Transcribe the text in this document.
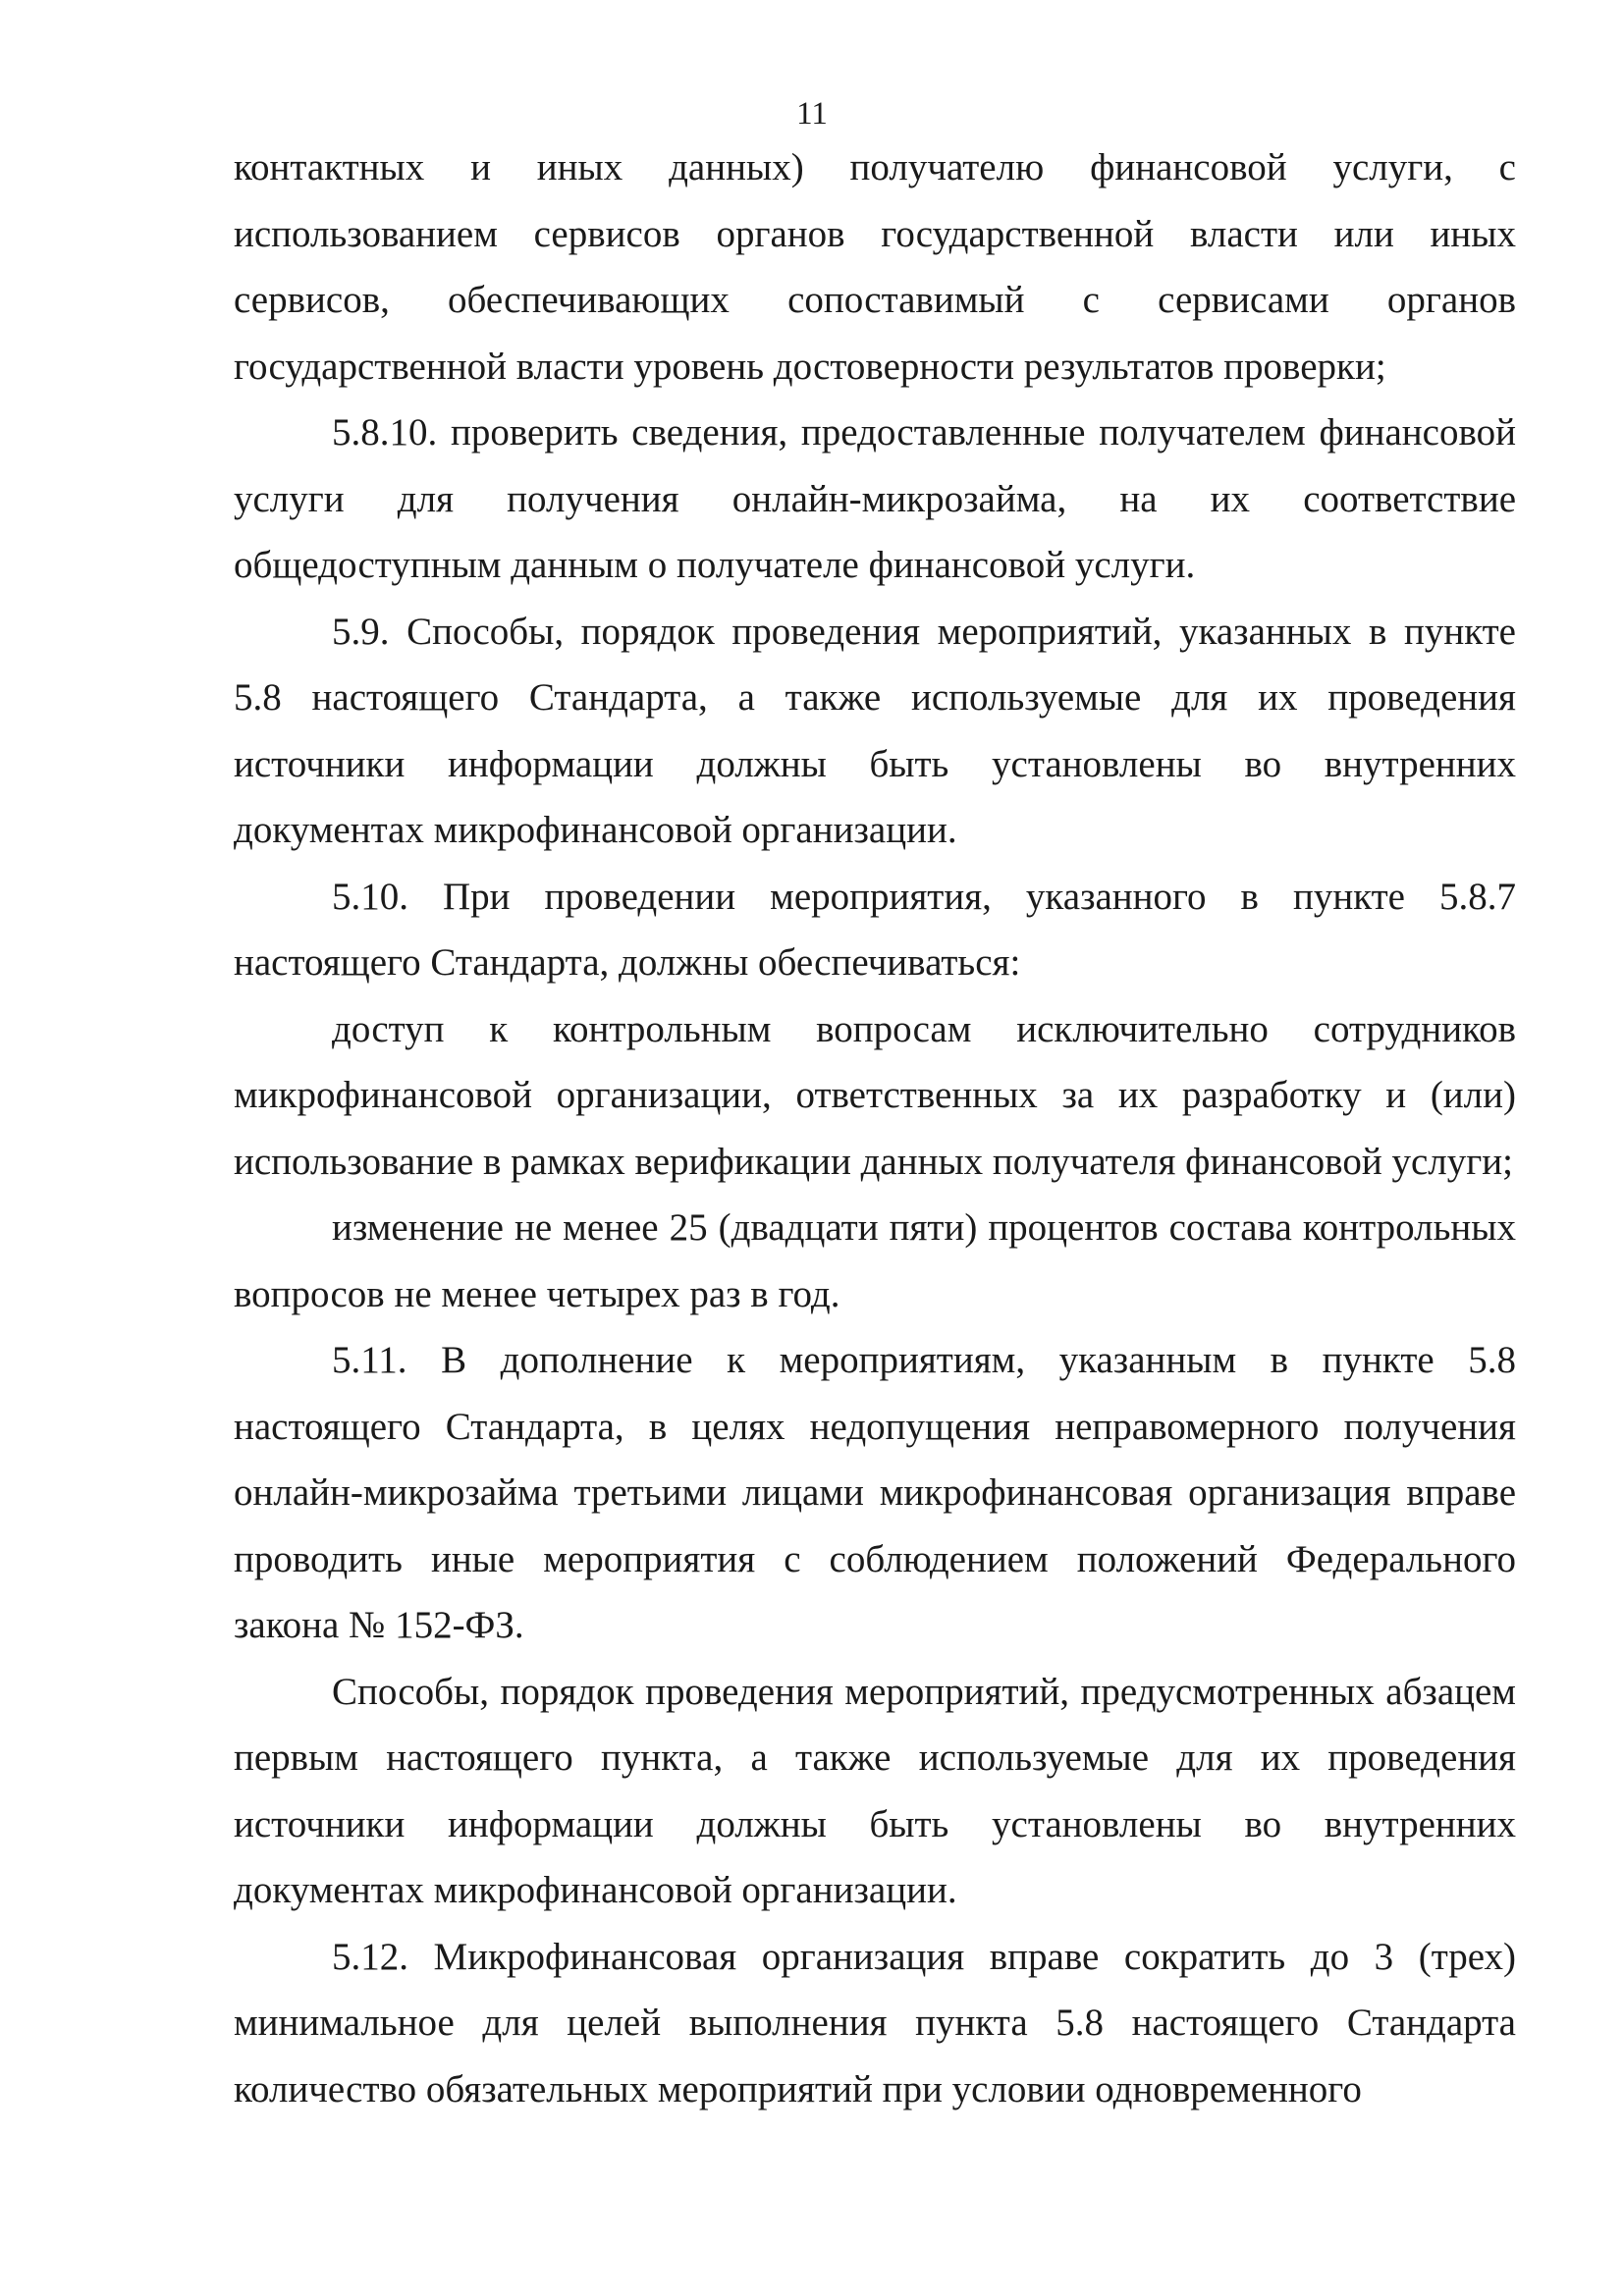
11

контактных и иных данных) получателю финансовой услуги, с использованием сервисов органов государственной власти или иных сервисов, обеспечивающих сопоставимый с сервисами органов государственной власти уровень достоверности результатов проверки;

5.8.10. проверить сведения, предоставленные получателем финансовой услуги для получения онлайн-микрозайма, на их соответствие общедоступным данным о получателе финансовой услуги.

5.9. Способы, порядок проведения мероприятий, указанных в пункте 5.8 настоящего Стандарта, а также используемые для их проведения источники информации должны быть установлены во внутренних документах микрофинансовой организации.

5.10. При проведении мероприятия, указанного в пункте 5.8.7 настоящего Стандарта, должны обеспечиваться:

доступ к контрольным вопросам исключительно сотрудников микрофинансовой организации, ответственных за их разработку и (или) использование в рамках верификации данных получателя финансовой услуги;

изменение не менее 25 (двадцати пяти) процентов состава контрольных вопросов не менее четырех раз в год.

5.11. В дополнение к мероприятиям, указанным в пункте 5.8 настоящего Стандарта, в целях недопущения неправомерного получения онлайн-микрозайма третьими лицами микрофинансовая организация вправе проводить иные мероприятия с соблюдением положений Федерального закона № 152-ФЗ.

Способы, порядок проведения мероприятий, предусмотренных абзацем первым настоящего пункта, а также используемые для их проведения источники информации должны быть установлены во внутренних документах микрофинансовой организации.

5.12. Микрофинансовая организация вправе сократить до 3 (трех) минимальное для целей выполнения пункта 5.8 настоящего Стандарта количество обязательных мероприятий при условии одновременного
